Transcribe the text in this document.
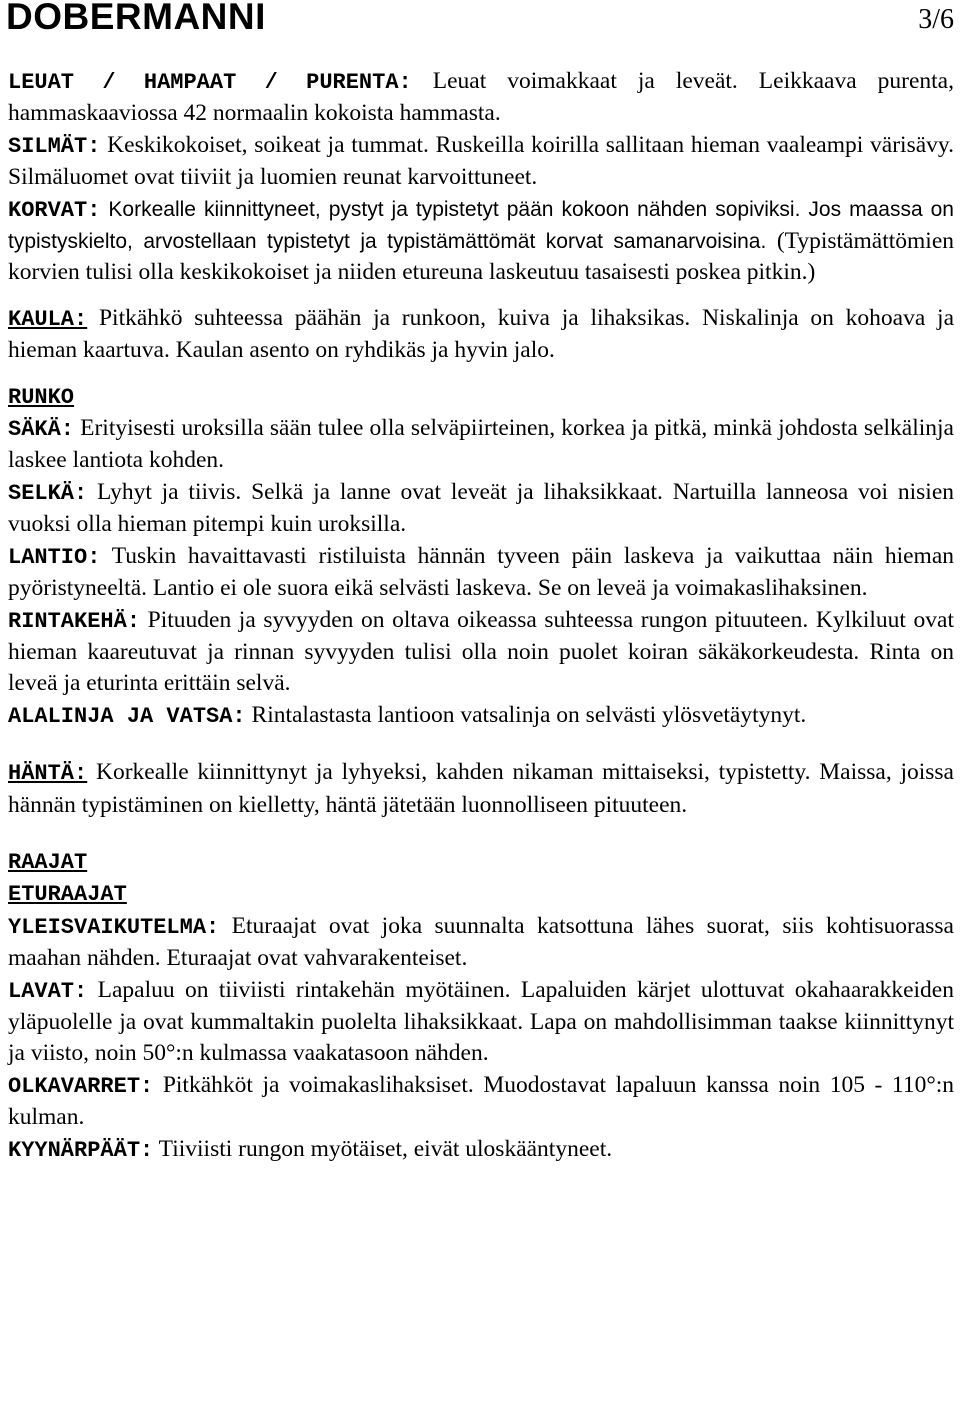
DOBERMANNI	3/6

LEUAT / HAMPAAT / PURENTA: Leuat voimakkaat ja leveät. Leikkaava purenta, hammaskaaviossa 42 normaalin kokoista hammasta.

SILMÄT: Keskikokoiset, soikeat ja tummat. Ruskeilla koirilla sallitaan hieman vaaleampi värisävy. Silmäluomet ovat tiiviit ja luomien reunat karvoittuneet.

KORVAT: Korkealle kiinnittyneet, pystyt ja typistetyt pään kokoon nähden sopiviksi. Jos maassa on typistyskielto, arvostellaan typistetyt ja typistämättömät korvat samanarvoisina. (Typistämättömien korvien tulisi olla keskikokoiset ja niiden etureuna laskeutuu tasaisesti poskea pitkin.)

KAULA: Pitkähkö suhteessa päähän ja runkoon, kuiva ja lihaksikas. Niskalinja on kohoava ja hieman kaartuva. Kaulan asento on ryhdikäs ja hyvin jalo.

RUNKO

SÄKÄ: Erityisesti uroksilla sään tulee olla selväpiirteinen, korkea ja pitkä, minkä johdosta selkälinja laskee lantiota kohden.

SELKÄ: Lyhyt ja tiivis. Selkä ja lanne ovat leveät ja lihaksikkaat. Nartuilla lanneosa voi nisien vuoksi olla hieman pitempi kuin uroksilla.

LANTIO: Tuskin havaittavasti ristiluista hännän tyveen päin laskeva ja vaikuttaa näin hieman pyöristyneeltä. Lantio ei ole suora eikä selvästi laskeva. Se on leveä ja voimakaslihaksinen.

RINTAKEHÄ: Pituuden ja syvyyden on oltava oikeassa suhteessa rungon pituuteen. Kylkiluut ovat hieman kaareutuvat ja rinnan syvyyden tulisi olla noin puolet koiran säkäkorkeudesta. Rinta on leveä ja eturinta erittäin selvä.

ALALINJA JA VATSA: Rintalastasta lantioon vatsalinja on selvästi ylösvetäytynyt.

HÄNTÄ: Korkealle kiinnittynyt ja lyhyeksi, kahden nikaman mittaiseksi, typistetty. Maissa, joissa hännän typistäminen on kielletty, häntä jätetään luonnolliseen pituuteen.

RAAJAT

ETURAAJAT

YLEISVAIKUTELMA: Eturaajat ovat joka suunnalta katsottuna lähes suorat, siis kohtisuorassa maahan nähden. Eturaajat ovat vahvarakenteiset.

LAVAT: Lapaluu on tiiviisti rintakehän myötäinen. Lapaluiden kärjet ulottuvat okahaarakkeiden yläpuolelle ja ovat kummaltakin puolelta lihaksikkaat. Lapa on mahdollisimman taakse kiinnittynyt ja viisto, noin 50°:n kulmassa vaakatasoon nähden.

OLKAVARRET: Pitkähköt ja voimakaslihaksiset. Muodostavat lapaluun kanssa noin 105 - 110°:n kulman.

KYYNÄRPÄÄT: Tiiviisti rungon myötäiset, eivät uloskääntyneet.
